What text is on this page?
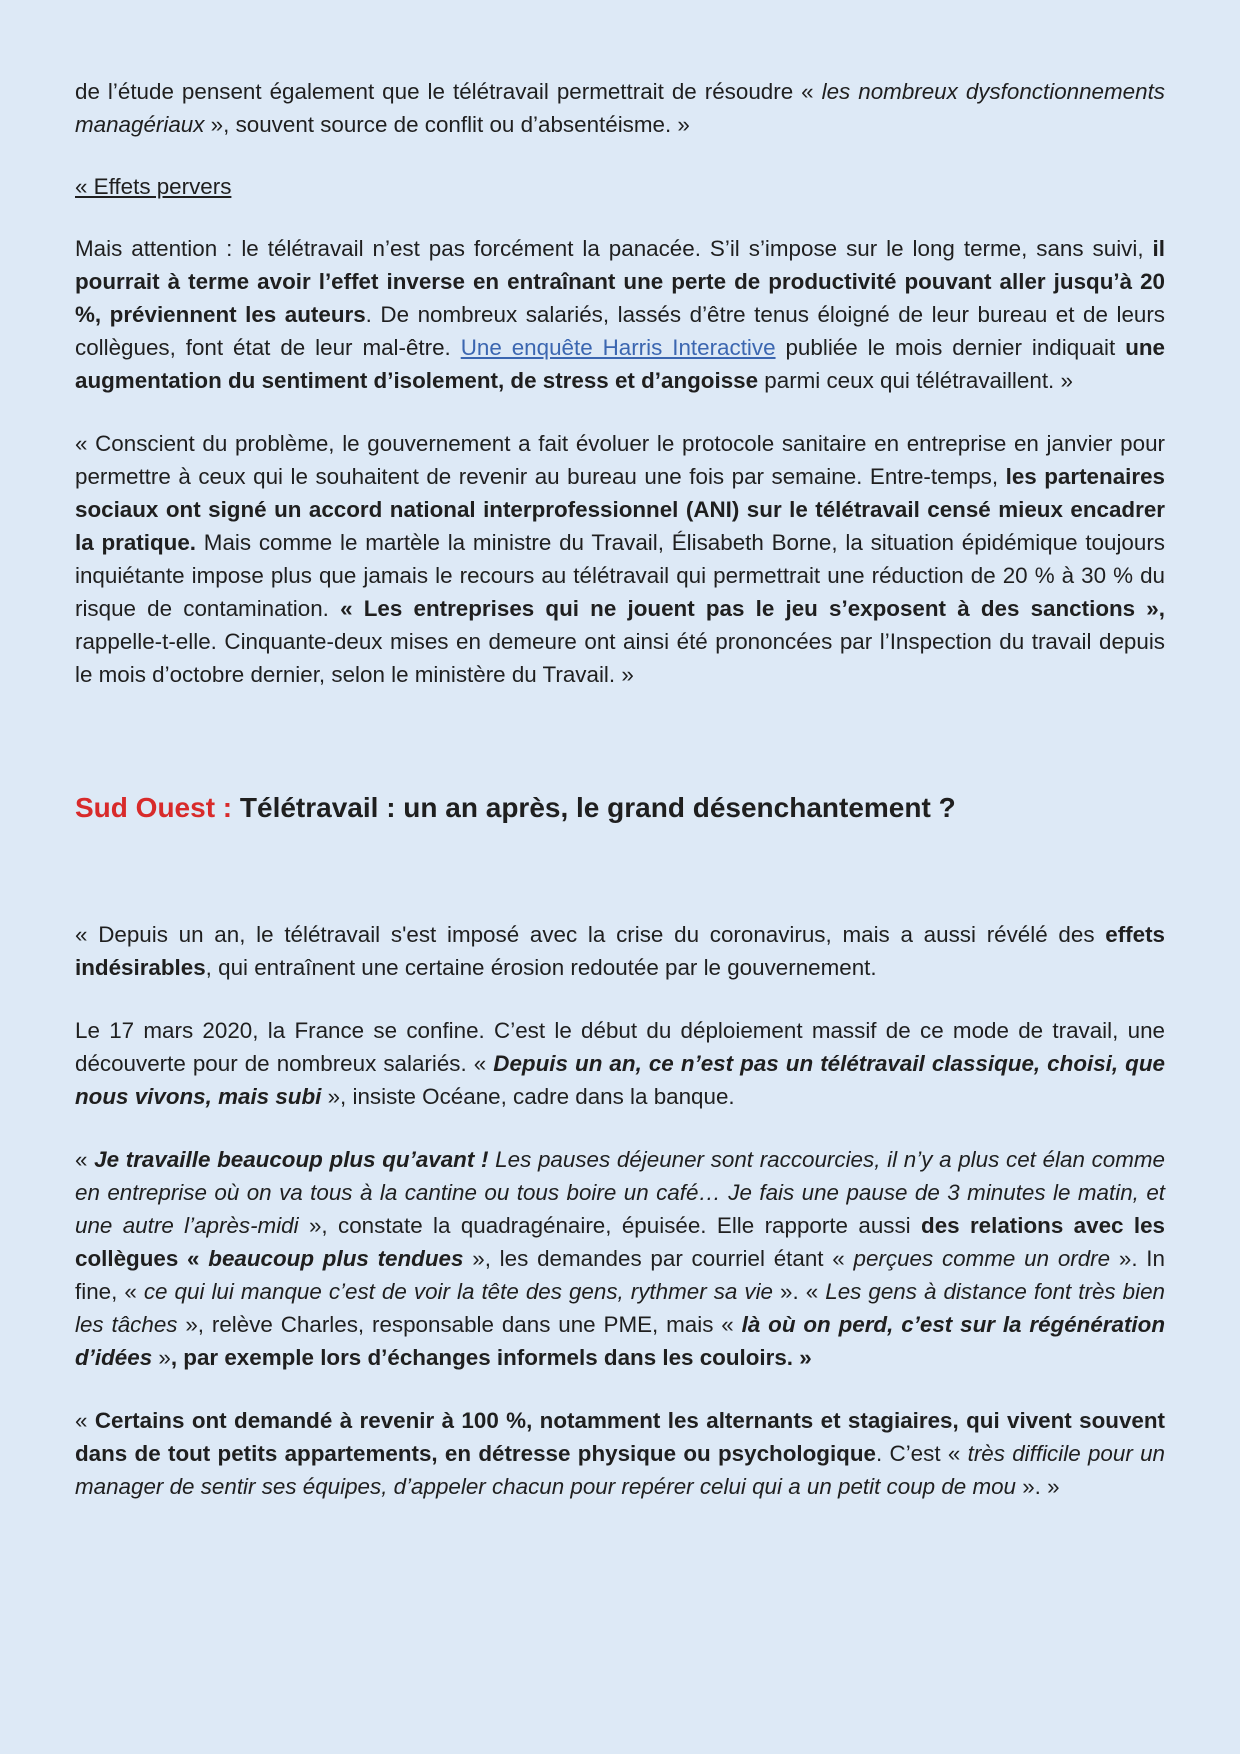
de l’étude pensent également que le télétravail permettrait de résoudre « les nombreux dysfonctionnements managériaux », souvent source de conflit ou d’absentéisme. »

« Effets pervers

Mais attention : le télétravail n’est pas forcément la panacée. S’il s’impose sur le long terme, sans suivi, il pourrait à terme avoir l’effet inverse en entraînant une perte de productivité pouvant aller jusqu’à 20 %, préviennent les auteurs. De nombreux salariés, lassés d’être tenus éloigné de leur bureau et de leurs collègues, font état de leur mal-être. Une enquête Harris Interactive publiée le mois dernier indiquait une augmentation du sentiment d’isolement, de stress et d’angoisse parmi ceux qui télétravaillent. »

« Conscient du problème, le gouvernement a fait évoluer le protocole sanitaire en entreprise en janvier pour permettre à ceux qui le souhaitent de revenir au bureau une fois par semaine. Entre-temps, les partenaires sociaux ont signé un accord national interprofessionnel (ANI) sur le télétravail censé mieux encadrer la pratique. Mais comme le martèle la ministre du Travail, Élisabeth Borne, la situation épidémique toujours inquiétante impose plus que jamais le recours au télétravail qui permettrait une réduction de 20 % à 30 % du risque de contamination. « Les entreprises qui ne jouent pas le jeu s’exposent à des sanctions », rappelle-t-elle. Cinquante-deux mises en demeure ont ainsi été prononcées par l’Inspection du travail depuis le mois d’octobre dernier, selon le ministère du Travail. »

Sud Ouest : Télétravail : un an après, le grand désenchantement ?

« Depuis un an, le télétravail s'est imposé avec la crise du coronavirus, mais a aussi révélé des effets indésirables, qui entraînent une certaine érosion redoutée par le gouvernement.

Le 17 mars 2020, la France se confine. C’est le début du déploiement massif de ce mode de travail, une découverte pour de nombreux salariés. « Depuis un an, ce n’est pas un télétravail classique, choisi, que nous vivons, mais subi », insiste Océane, cadre dans la banque.

« Je travaille beaucoup plus qu’avant ! Les pauses déjeuner sont raccourcies, il n’y a plus cet élan comme en entreprise où on va tous à la cantine ou tous boire un café… Je fais une pause de 3 minutes le matin, et une autre l’après-midi », constate la quadragénaire, épuisée. Elle rapporte aussi des relations avec les collègues « beaucoup plus tendues », les demandes par courriel étant « perçues comme un ordre ». In fine, « ce qui lui manque c’est de voir la tête des gens, rythmer sa vie ». « Les gens à distance font très bien les tâches », relève Charles, responsable dans une PME, mais « là où on perd, c’est sur la régénération d’idées », par exemple lors d’échanges informels dans les couloirs. »

« Certains ont demandé à revenir à 100 %, notamment les alternants et stagiaires, qui vivent souvent dans de tout petits appartements, en détresse physique ou psychologique. C’est « très difficile pour un manager de sentir ses équipes, d’appeler chacun pour repérer celui qui a un petit coup de mou ». »
